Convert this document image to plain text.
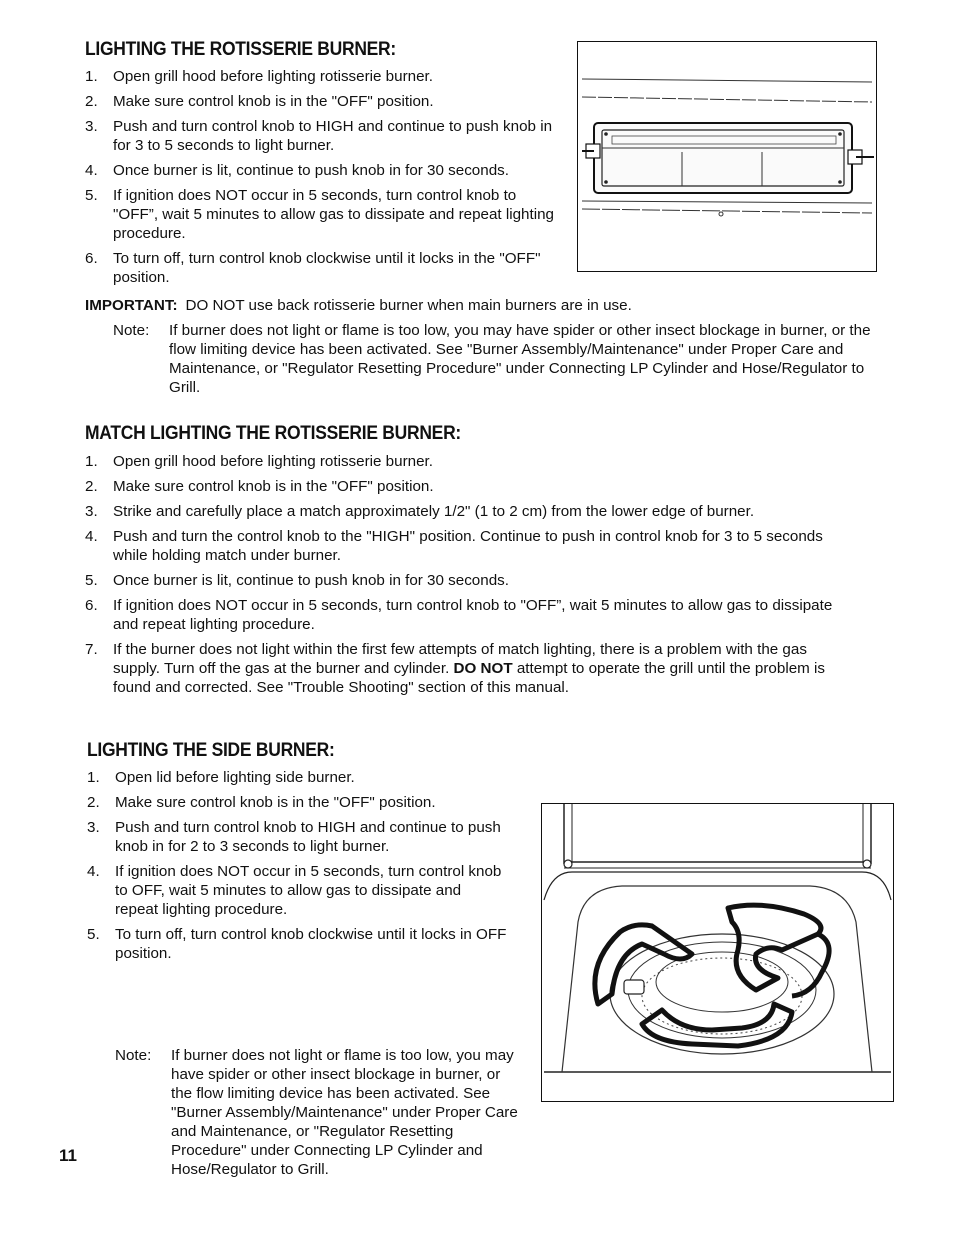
LIGHTING THE ROTISSERIE BURNER:
1. Open grill hood before lighting rotisserie burner.
2. Make sure control knob is in the "OFF" position.
3. Push and turn control knob to HIGH and continue to push knob in for 3 to 5 seconds to light burner.
4. Once burner is lit, continue to push knob in for 30 seconds.
5. If ignition does NOT occur in 5 seconds, turn control knob to "OFF”, wait 5 minutes to allow gas to dissipate and repeat lighting procedure.
6. To turn off, turn control knob clockwise until it locks in the "OFF" position.
IMPORTANT: DO NOT use back rotisserie burner when main burners are in use.
Note:	If burner does not light or flame is too low, you may have spider or other insect blockage in burner, or the flow limiting device has been activated. See "Burner Assembly/Maintenance" under Proper Care and Maintenance, or "Regulator Resetting Procedure" under Connecting LP Cylinder and Hose/Regulator to Grill.
MATCH LIGHTING THE ROTISSERIE BURNER:
1. Open grill hood before lighting rotisserie burner.
2. Make sure control knob is in the "OFF" position.
3. Strike and carefully place a match approximately 1/2" (1 to 2 cm) from the lower edge of burner.
4. Push and turn the control knob to the "HIGH" position. Continue to push in control knob for 3 to 5 seconds while holding match under burner.
5. Once burner is lit, continue to push knob in for 30 seconds.
6. If ignition does NOT occur in 5 seconds, turn control knob to "OFF”, wait 5 minutes to allow gas to dissipate and repeat lighting procedure.
7. If the burner does not light within the first few attempts of match lighting, there is a problem with the gas supply. Turn off the gas at the burner and cylinder. DO NOT attempt to operate the grill until the problem is found and corrected. See "Trouble Shooting" section of this manual.
LIGHTING THE SIDE BURNER:
1. Open lid before lighting side burner.
2. Make sure control knob is in the "OFF" position.
3. Push and turn control knob to HIGH and continue to push knob in for 2 to 3 seconds to light burner.
4. If ignition does NOT occur in 5 seconds, turn control knob to OFF, wait 5 minutes to allow gas to dissipate and repeat lighting procedure.
5. To turn off, turn control knob clockwise until it locks in OFF position.
Note:	If burner does not light or flame is too low, you may have spider or other insect blockage in burner, or the flow limiting device has been activated. See "Burner Assembly/Maintenance" under Proper Care and Maintenance, or "Regulator Resetting Procedure" under Connecting LP Cylinder and Hose/Regulator to Grill.
11
